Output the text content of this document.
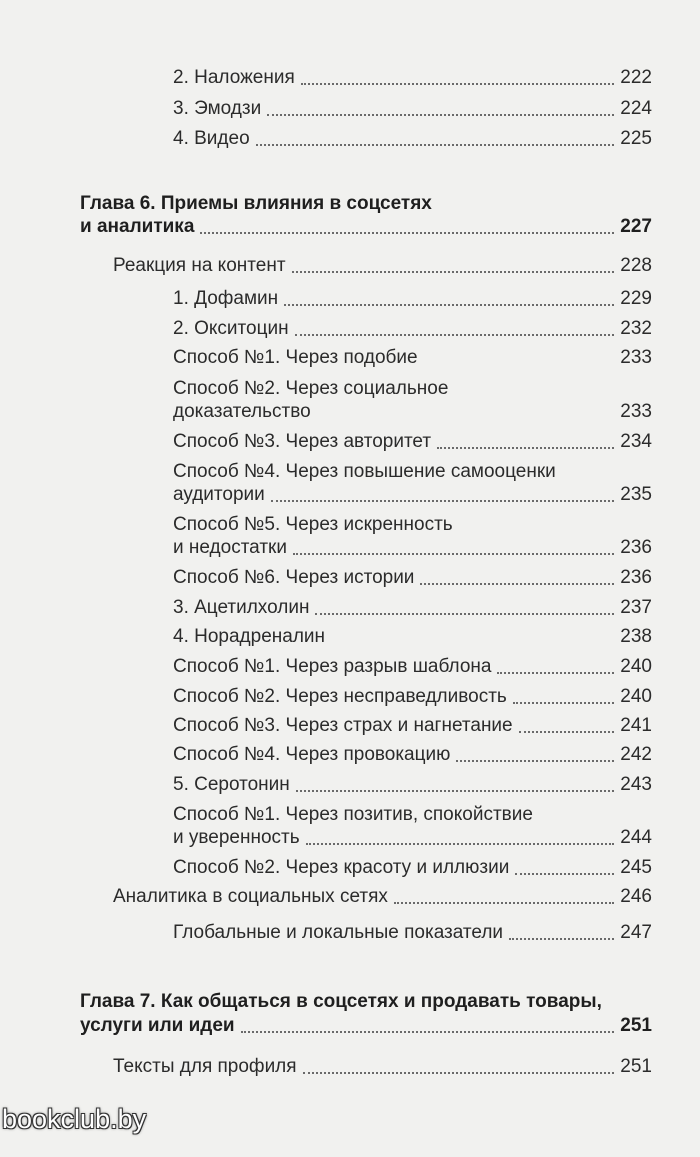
2. Наложения	222
3. Эмодзи	224
4. Видео	225
Глава 6. Приемы влияния в соцсетях
и аналитика	227
Реакция на контент	228
1. Дофамин	229
2. Окситоцин	232
Способ №1. Через подобие	233
Способ №2. Через социальное
доказательство	233
Способ №3. Через авторитет	234
Способ №4. Через повышение самооценки
аудитории	235
Способ №5. Через искренность
и недостатки	236
Способ №6. Через истории	236
3. Ацетилхолин	237
4. Норадреналин	238
Способ №1. Через разрыв шаблона	240
Способ №2. Через несправедливость	240
Способ №3. Через страх и нагнетание	241
Способ №4. Через провокацию	242
5. Серотонин	243
Способ №1. Через позитив, спокойствие
и уверенность	244
Способ №2. Через красоту и иллюзии	245
Аналитика в социальных сетях	246
Глобальные и локальные показатели	247
Глава 7. Как общаться в соцсетях и продавать товары,
услуги или идеи	251
Тексты для профиля	251
bookclub.by
